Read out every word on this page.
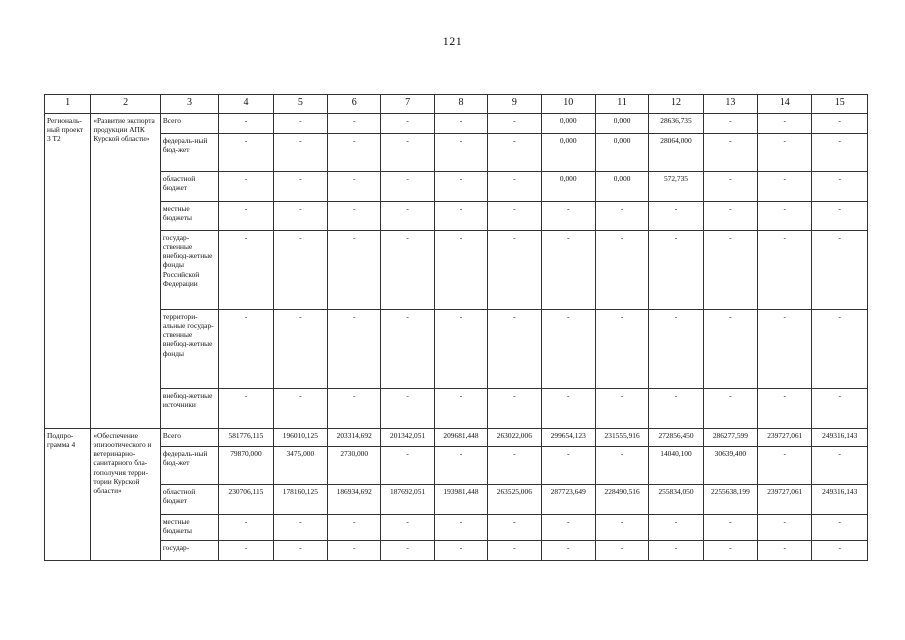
121
1	2	3	4	5	6	7	8	9	10	11	12	13	14	15
Региональ-ный проект 3 Т2	«Развитие экспорта продукции АПК Курской области»	Всего	-	-	-	-	-	-	0,000	0,000	28636,735	-	-	-
		федераль-ный бюд-жет	-	-	-	-	-	-	0,000	0,000	28064,000	-	-	-
		областной бюджет	-	-	-	-	-	-	0,000	0,000	572,735	-	-	-
		местные бюджеты	-	-	-	-	-	-	-	-	-	-	-	-
		государ-ственные внебюд-жетные фонды Российской Федерации	-	-	-	-	-	-	-	-	-	-	-	-
		территори-альные государ-ственные внебюд-жетные фонды	-	-	-	-	-	-	-	-	-	-	-	-
		внебюд-жетные источники	-	-	-	-	-	-	-	-	-	-	-	-
Подпро-грамма 4	«Обеспечение эпизоотического и ветеринарно-санитарного бла-гополучия терри-тории Курской области»	Всего	581776,115	196010,125	203314,692	201342,051	209681,448	263022,006	299654,123	231555,916	272856,450	286277,599	239727,061	249316,143
		федераль-ный бюд-жет	79870,000	3475,000	2730,000	-	-	-	-	-	14040,100	30639,400	-	-
		областной бюджет	230706,115	178160,125	186934,692	187692,051	193981,448	263525,006	287723,649	228490,516	255834,050	2255638,199	239727,061	249316,143
		местные бюджеты	-	-	-	-	-	-	-	-	-	-	-	-
		государ-	-	-	-	-	-	-	-	-	-	-	-	-
